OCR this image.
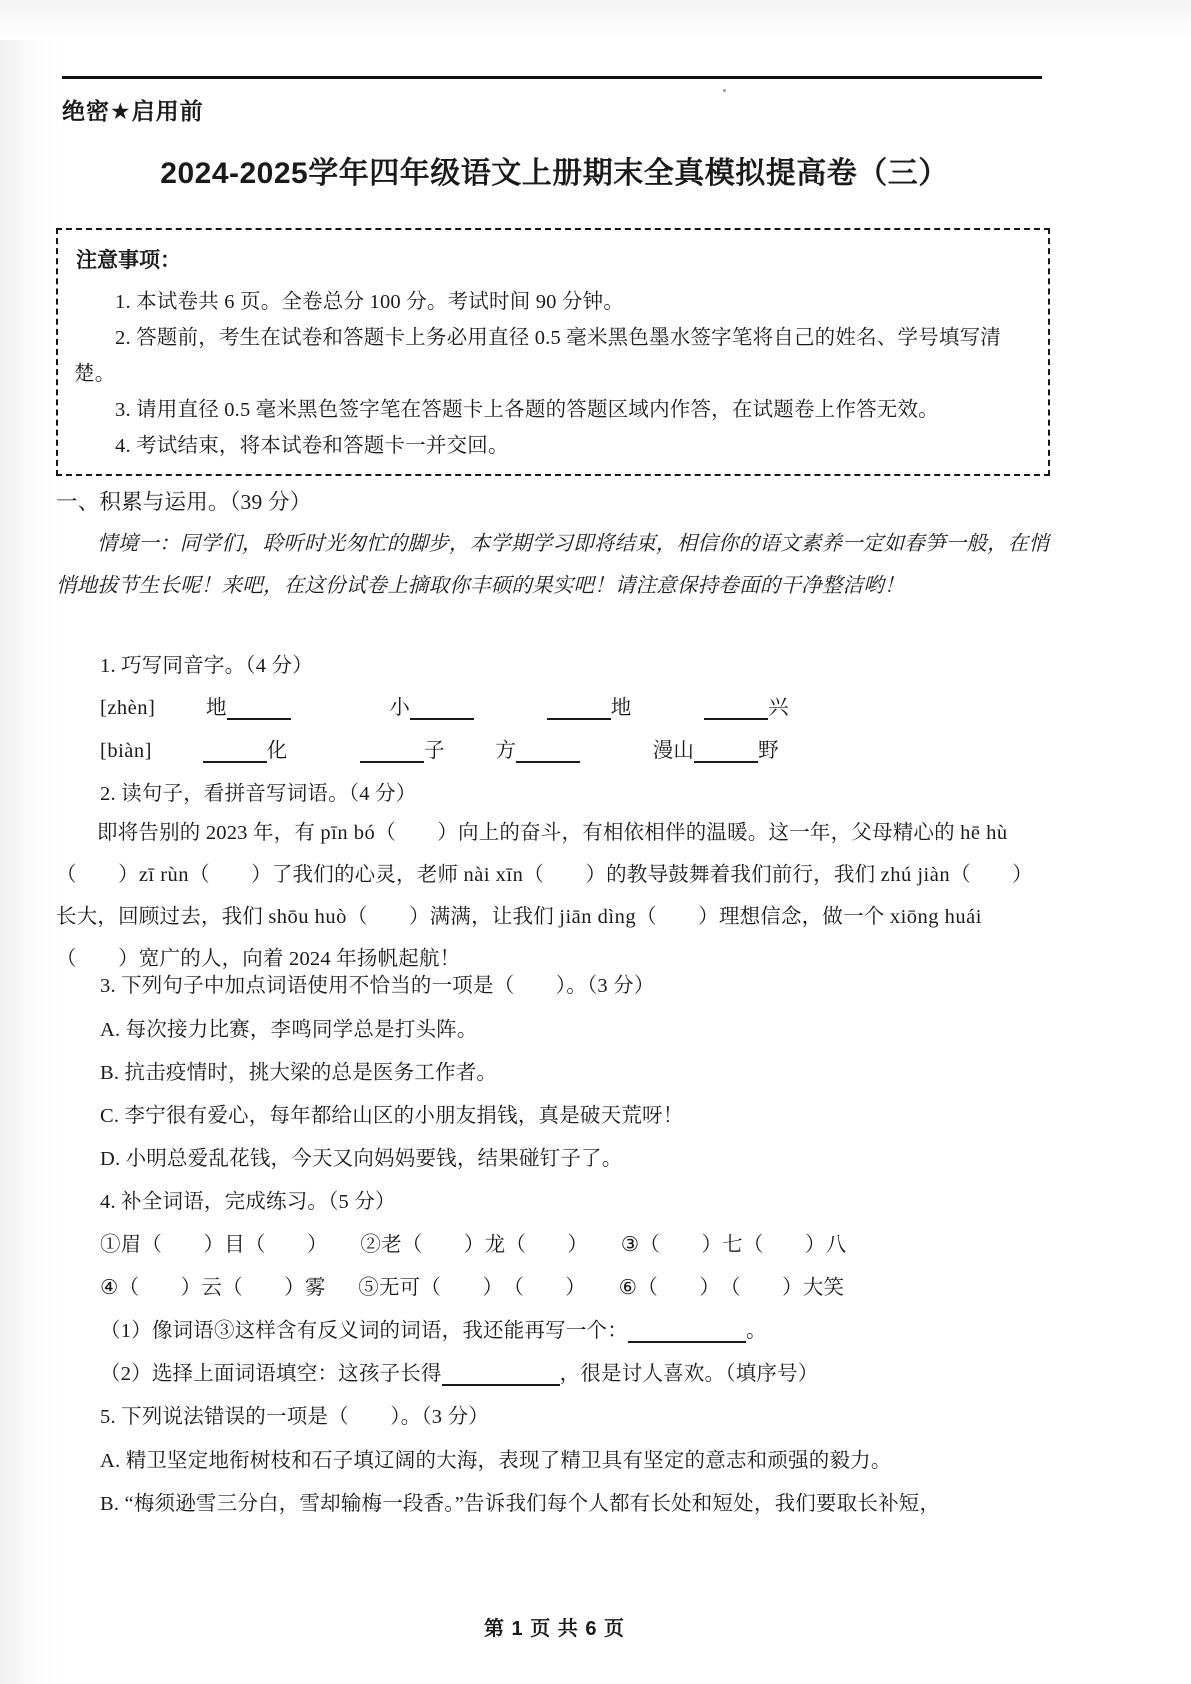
绝密★启用前
2024-2025学年四年级语文上册期末全真模拟提高卷（三）
注意事项：

1. 本试卷共 6 页。全卷总分 100 分。考试时间 90 分钟。

2. 答题前，考生在试卷和答题卡上务必用直径 0.5 毫米黑色墨水签字笔将自己的姓名、学号填写清楚。

3. 请用直径 0.5 毫米黑色签字笔在答题卡上各题的答题区域内作答，在试题卷上作答无效。

4. 考试结束，将本试卷和答题卡一并交回。

一、积累与运用。（39 分）
情境一：同学们，聆听时光匆忙的脚步，本学期学习即将结束，相信你的语文素养一定如春笋一般，在悄悄地拔节生长呢！来吧，在这份试卷上摘取你丰硕的果实吧！请注意保持卷面的干净整洁哟！
1. 巧写同音字。（4 分）
[zhèn] 地	小	地	兴
[biàn]	化	子 方	漫山	野
2. 读句子，看拼音写词语。（4 分）
即将告别的 2023 年，有 pīn bó（　　）向上的奋斗，有相依相伴的温暖。这一年，父母精心的 hē hù（　　）zī rùn（　　）了我们的心灵，老师 nài xīn（　　）的教导鼓舞着我们前行，我们 zhú jiàn（　　）长大，回顾过去，我们 shōu huò（　　）满满，让我们 jiān dìng（　　）理想信念，做一个 xiōng huái（　　）宽广的人，向着 2024 年扬帆起航！
3. 下列句子中加点词语使用不恰当的一项是（　　）。（3 分）
A. 每次接力比赛，李鸣同学总是打头阵。
B. 抗击疫情时，挑大梁的总是医务工作者。
C. 李宁很有爱心，每年都给山区的小朋友捐钱，真是破天荒呀！
D. 小明总爱乱花钱，今天又向妈妈要钱，结果碰钉子了。
4. 补全词语，完成练习。（5 分）
①眉（　　）目（　　） ②老（　　）龙（　　） ③（　　）七（　　）八
④（　　）云（　　）雾 ⑤无可（　　）（　　） ⑥（　　）（　　）大笑
（1）像词语③这样含有反义词的词语，我还能再写一个：	。
（2）选择上面词语填空：这孩子长得	，很是讨人喜欢。（填序号）
5. 下列说法错误的一项是（　　）。（3 分）
A. 精卫坚定地衔树枝和石子填辽阔的大海，表现了精卫具有坚定的意志和顽强的毅力。
B. “梅须逊雪三分白，雪却输梅一段香。”告诉我们每个人都有长处和短处，我们要取长补短，
第 1 页 共 6 页
